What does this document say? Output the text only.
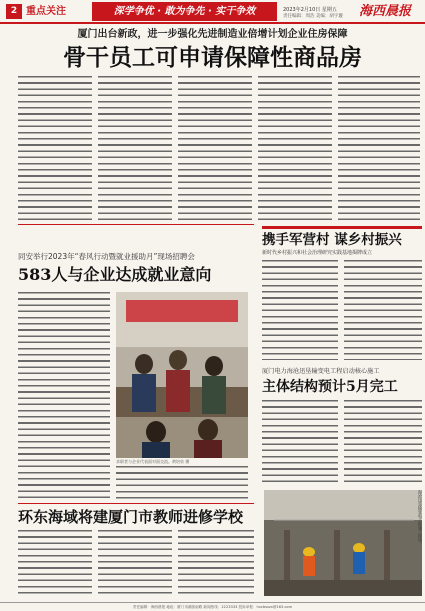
2 重点关注	深学争优 · 敢为争先 · 实干争效	2023年2月10日 星期五
责任编辑：周浩 美编：胡宇璇	海西晨报
厦门出台新政，进一步强化先进制造业倍增计划企业住房保障
骨干员工可申请保障性商品房
同安举行2023年“春风行动暨就业援助月”现场招聘会
583人与企业达成就业意向
求职者与企业代表面对面交流。黄培泉 摄
携手军营村 谋乡村振兴
新时代乡村振兴和社会治理研究实践基地揭牌成立
厦门电力海沧迅垦输变电工程启动核心施工
主体结构预计5月完工
海沧迅垦输变电工程施工现场。
环东海域将建厦门市教师进修学校
责任编辑：海西晨报 地址：厦门市湖滨南路 新闻热线：2223333 投诉举报：hxcbsszx@163.com
